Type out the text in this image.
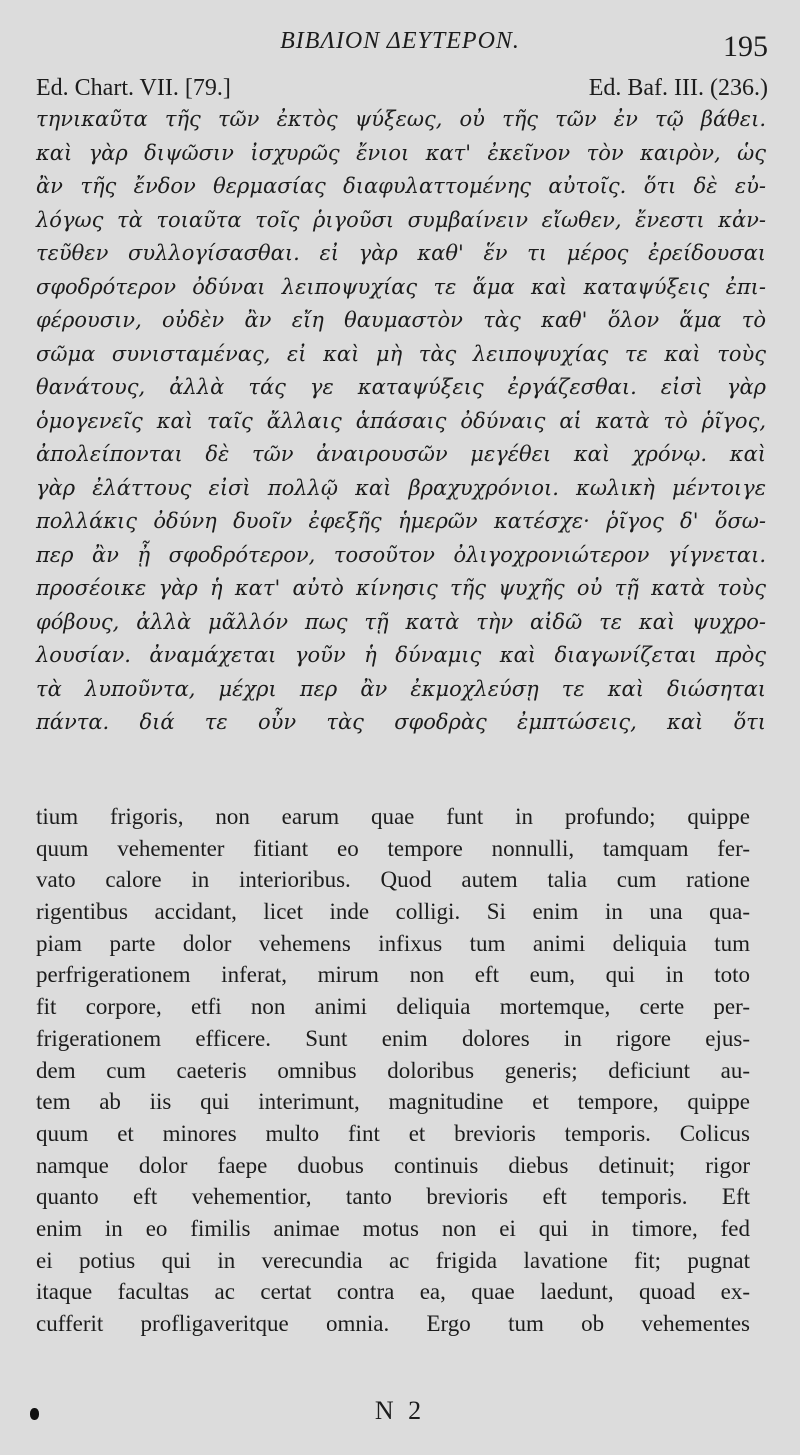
ΒΙΒΛΙΟΝ ΔΕΥΤΕΡΟΝ.	195
Ed. Chart. VII. [79.]	Ed. Baf. III. (236.)
τηνικαῦτα τῆς τῶν ἐκτὸς ψύξεως, οὐ τῆς τῶν ἐν τῷ βάθει.
καὶ γὰρ διψῶσιν ἰσχυρῶς ἔνιοι κατ' ἐκεῖνον τὸν καιρὸν, ὡς
ἂν τῆς ἔνδον θερμασίας διαφυλαττομένης αὐτοῖς. ὅτι δὲ εὐ-
λόγως τὰ τοιαῦτα τοῖς ῥιγοῦσι συμβαίνειν εἴωθεν, ἔνεστι κἀν-
τεῦθεν συλλογίσασθαι. εἰ γὰρ καθ' ἕν τι μέρος ἐρείδουσαι
σφοδρότερον ὀδύναι λειποψυχίας τε ἅμα καὶ καταψύξεις ἐπι-
φέρουσιν, οὐδὲν ἂν εἴη θαυμαστὸν τὰς καθ' ὅλον ἅμα τὸ
σῶμα συνισταμένας, εἰ καὶ μὴ τὰς λειποψυχίας τε καὶ τοὺς
θανάτους, ἀλλὰ τάς γε καταψύξεις ἐργάζεσθαι. εἰσὶ γὰρ
ὁμογενεῖς καὶ ταῖς ἄλλαις ἁπάσαις ὀδύναις αἱ κατὰ τὸ ῥῖγος,
ἀπολείπονται δὲ τῶν ἀναιρουσῶν μεγέθει καὶ χρόνῳ. καὶ
γὰρ ἐλάττους εἰσὶ πολλῷ καὶ βραχυχρόνιοι. κωλικὴ μέντοιγε
πολλάκις ὀδύνη δυοῖν ἐφεξῆς ἡμερῶν κατέσχε· ῥῖγος δ' ὅσω-
περ ἂν ᾖ σφοδρότερον, τοσοῦτον ὀλιγοχρονιώτερον γίγνεται.
προσέοικε γὰρ ἡ κατ' αὐτὸ κίνησις τῆς ψυχῆς οὐ τῇ κατὰ τοὺς
φόβους, ἀλλὰ μᾶλλόν πως τῇ κατὰ τὴν αἰδῶ τε καὶ ψυχρο-
λουσίαν. ἀναμάχεται γοῦν ἡ δύναμις καὶ διαγωνίζεται πρὸς
τὰ λυποῦντα, μέχρι περ ἂν ἐκμοχλεύσῃ τε καὶ διώσηται
πάντα. διά τε οὖν τὰς σφοδρὰς ἐμπτώσεις, καὶ ὅτι
tium frigoris, non earum quae funt in profundo; quippe
quum vehementer fitiant eo tempore nonnulli, tamquam fer-
vato calore in interioribus. Quod autem talia cum ratione
rigentibus accidant, licet inde colligi. Si enim in una qua-
piam parte dolor vehemens infixus tum animi deliquia tum
perfrigerationem inferat, mirum non eft eum, qui in toto
fit corpore, etfi non animi deliquia mortemque, certe per-
frigerationem efficere. Sunt enim dolores in rigore ejus-
dem cum caeteris omnibus doloribus generis; deficiunt au-
tem ab iis qui interimunt, magnitudine et tempore, quippe
quum et minores multo fint et brevioris temporis. Colicus
namque dolor faepe duobus continuis diebus detinuit; rigor
quanto eft vehementior, tanto brevioris eft temporis. Eft
enim in eo fimilis animae motus non ei qui in timore, fed
ei potius qui in verecundia ac frigida lavatione fit; pugnat
itaque facultas ac certat contra ea, quae laedunt, quoad ex-
cufferit profligaveritque omnia. Ergo tum ob vehementes
N 2
